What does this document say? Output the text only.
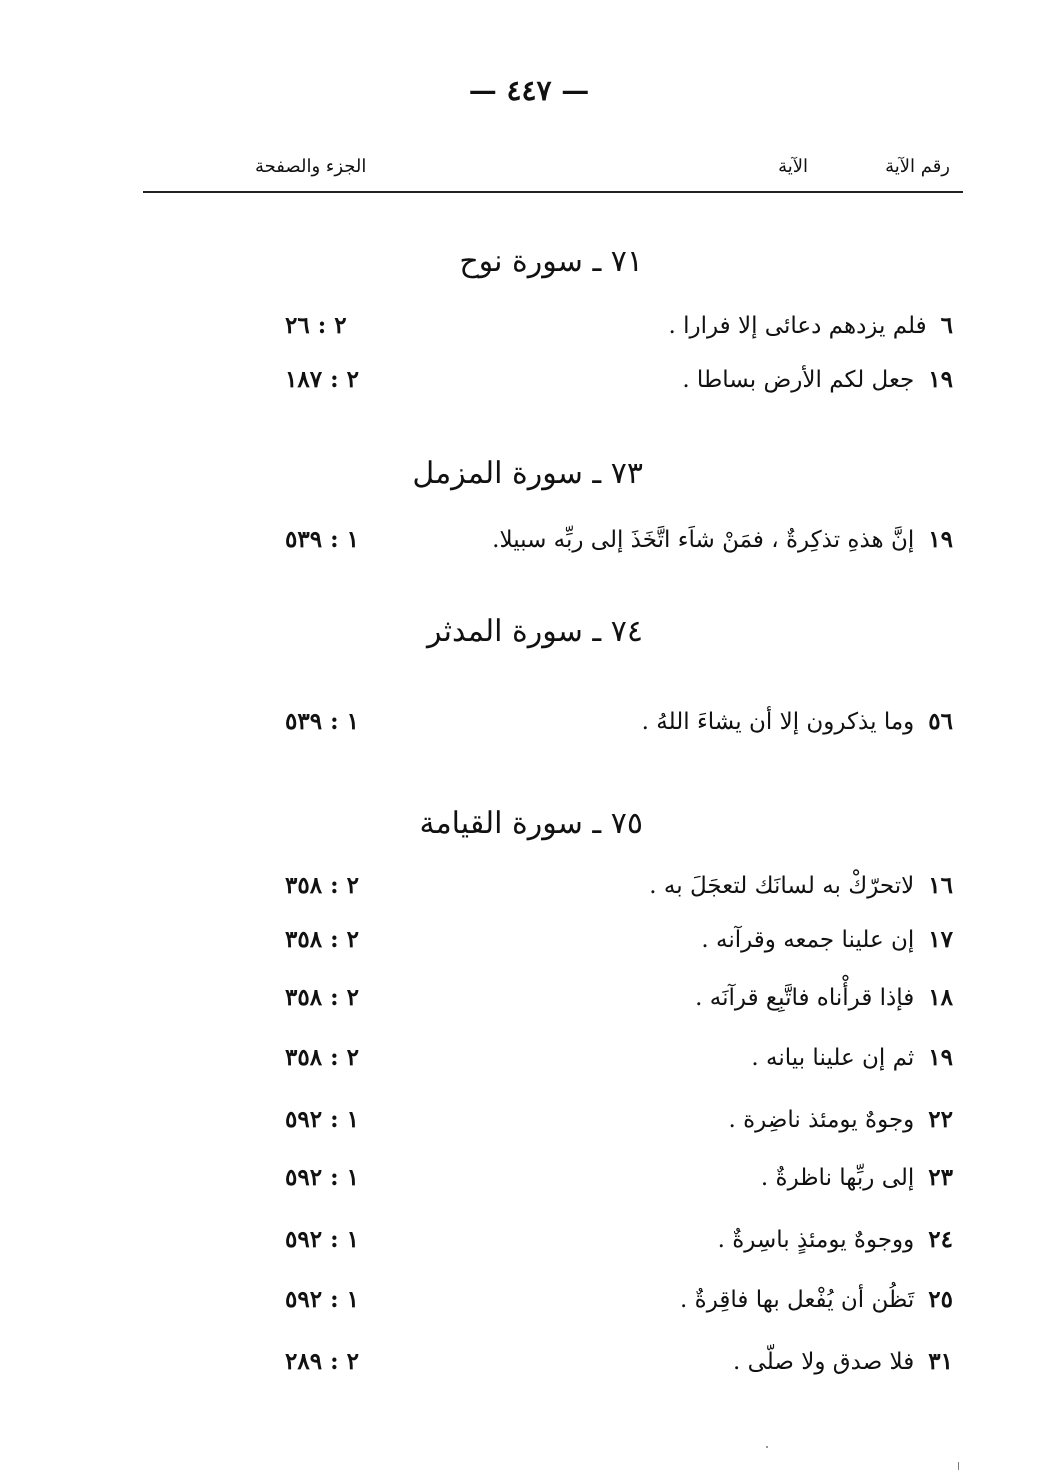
— ٤٤٧ —
رقم الآية
الآية
الجزء والصفحة
٧١ ـ سورة نوح
٦فلم يزدهم دعائى إلا فرارا .
٢ : ٢٦
١٩جعل لكم الأرض بساطا .
٢ : ١٨٧
٧٣ ـ سورة المزمل
١٩إنَّ هذهِ تذكِرةٌ ، فمَنْ شاَء اتَّخَذَ إلى ربِّه سبيلا.
١ : ٥٣٩
٧٤ ـ سورة المدثر
٥٦وما يذكرون إلا أن يشاءَ اللهُ .
١ : ٥٣٩
٧٥ ـ سورة القيامة
١٦لاتحرّكْ به لسانَك لتعجَلَ به .
٢ : ٣٥٨
١٧إن علينا جمعه وقرآنه .
٢ : ٣٥٨
١٨فإذا قرأْناه فاتَّبِع قرآنَه .
٢ : ٣٥٨
١٩ثم إن علينا بيانه .
٢ : ٣٥٨
٢٢وجوهٌ يومئذ ناضِرة .
١ : ٥٩٢
٢٣إلى ربِّها ناظرةٌ .
١ : ٥٩٢
٢٤ووجوهٌ يومئذٍ باسِرةٌ .
١ : ٥٩٢
٢٥تَظُن أن يُفْعل بها فاقِرةٌ .
١ : ٥٩٢
٣١فلا صدق ولا صلّى .
٢ : ٢٨٩
